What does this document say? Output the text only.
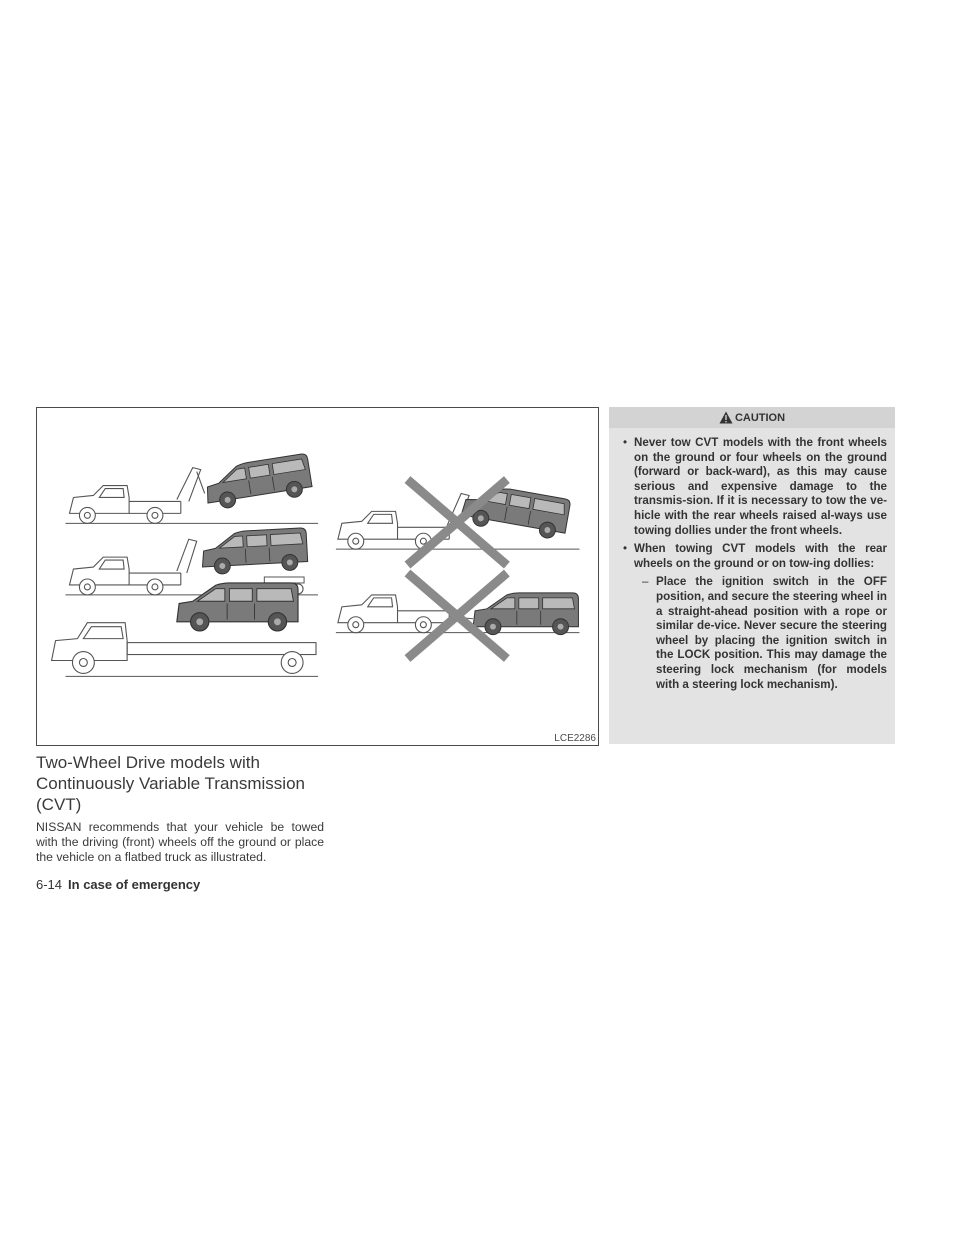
LCE2286
Two-Wheel Drive models with Continuously Variable Transmission (CVT)

NISSAN recommends that your vehicle be towed with the driving (front) wheels off the ground or place the vehicle on a flatbed truck as illustrated.

6-14 In case of emergency
CAUTION

• Never tow CVT models with the front wheels on the ground or four wheels on the ground (forward or back-ward), as this may cause serious and expensive damage to the transmis-sion. If it is necessary to tow the ve-hicle with the rear wheels raised al-ways use towing dollies under the front wheels.

• When towing CVT models with the rear wheels on the ground or on tow-ing dollies:

– Place the ignition switch in the OFF position, and secure the steering wheel in a straight-ahead position with a rope or similar de-vice. Never secure the steering wheel by placing the ignition switch in the LOCK position. This may damage the steering lock mechanism (for models with a steering lock mechanism).
